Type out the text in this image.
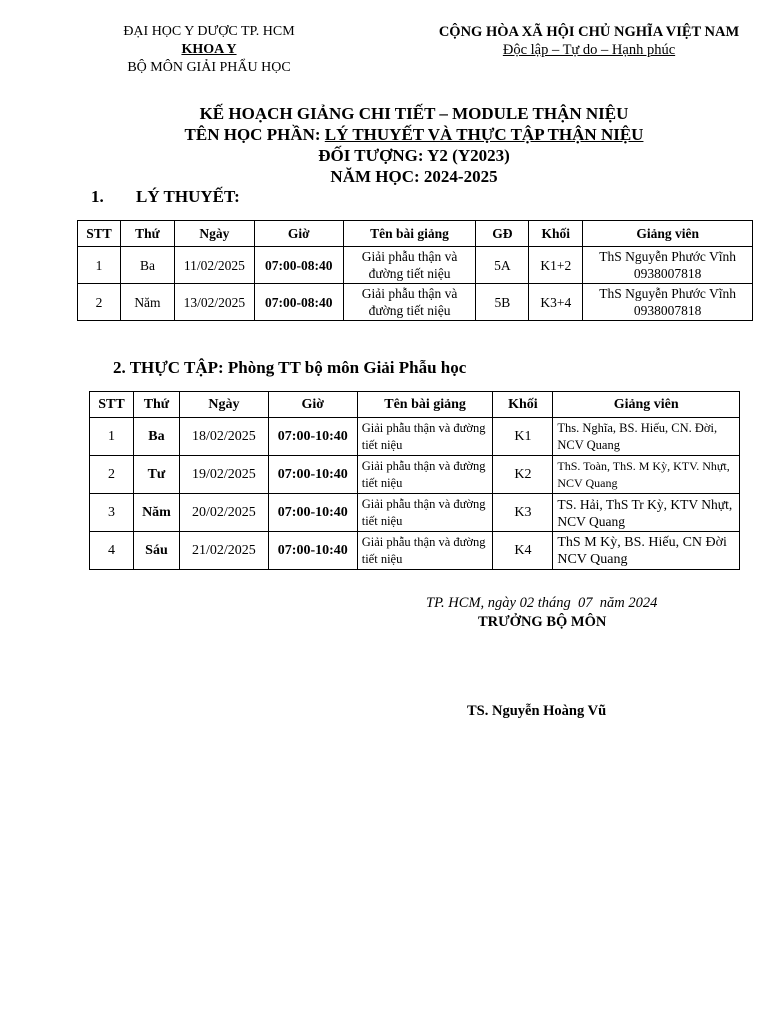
ĐẠI HỌC Y DƯỢC TP. HCM
KHOA Y
BỘ MÔN GIẢI PHẨU HỌC
CỘNG HÒA XÃ HỘI CHỦ NGHĨA VIỆT NAM
Độc lập – Tự do – Hạnh phúc
KẾ HOẠCH GIẢNG CHI TIẾT – MODULE THẬN NIỆU
TÊN HỌC PHẦN: LÝ THUYẾT VÀ THỰC TẬP THẬN NIỆU
ĐỐI TƯỢNG: Y2 (Y2023)
NĂM HỌC: 2024-2025
1. LÝ THUYẾT:
STT	Thứ	Ngày	Giờ	Tên bài giảng	GĐ	Khối	Giảng viên
1	Ba	11/02/2025	07:00-08:40	Giải phẫu thận và đường tiết niệu	5A	K1+2	ThS Nguyễn Phước Vĩnh 0938007818
2	Năm	13/02/2025	07:00-08:40	Giải phẫu thận và đường tiết niệu	5B	K3+4	ThS Nguyễn Phước Vĩnh 0938007818
2. THỰC TẬP: Phòng TT bộ môn Giải Phẫu học
STT	Thứ	Ngày	Giờ	Tên bài giảng	Khối	Giảng viên
1	Ba	18/02/2025	07:00-10:40	Giải phẫu thận và đường tiết niệu	K1	Ths. Nghĩa, BS. Hiếu, CN. Đời, NCV Quang
2	Tư	19/02/2025	07:00-10:40	Giải phẫu thận và đường tiết niệu	K2	ThS. Toàn, ThS. M Kỳ, KTV. Nhựt, NCV Quang
3	Năm	20/02/2025	07:00-10:40	Giải phẫu thận và đường tiết niệu	K3	TS. Hải, ThS Tr Kỳ, KTV Nhựt, NCV Quang
4	Sáu	21/02/2025	07:00-10:40	Giải phẫu thận và đường tiết niệu	K4	ThS M Kỳ, BS. Hiếu, CN Đời NCV Quang
TP. HCM, ngày 02 tháng  07  năm 2024
TRƯỞNG BỘ MÔN
TS. Nguyễn Hoàng Vũ
